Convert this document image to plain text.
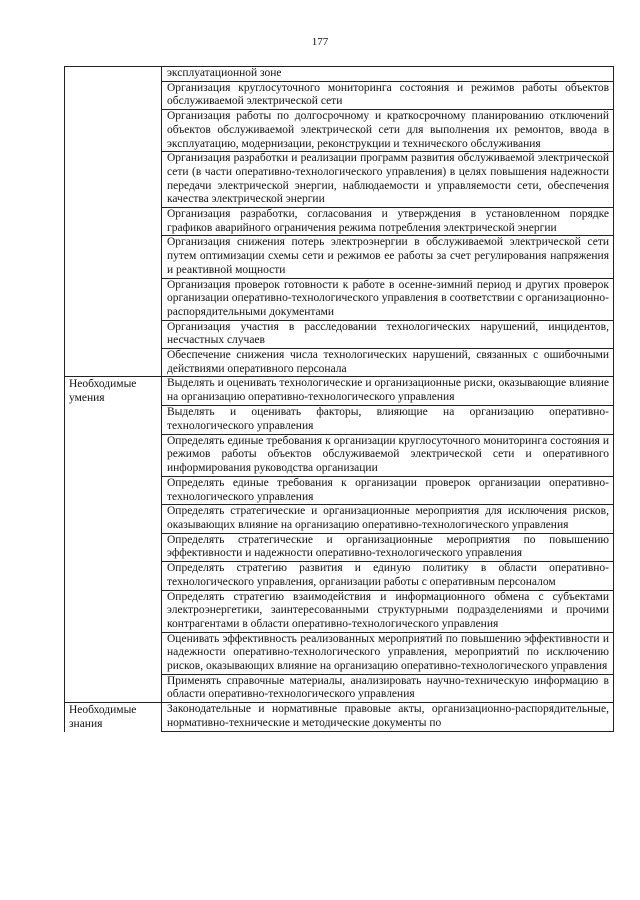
177
	эксплуатационной зоне
	Организация круглосуточного мониторинга состояния и режимов работы объектов обслуживаемой электрической сети
	Организация работы по долгосрочному и краткосрочному планированию отключений объектов обслуживаемой электрической сети для выполнения их ремонтов, ввода в эксплуатацию, модернизации, реконструкции и технического обслуживания
	Организация разработки и реализации программ развития обслуживаемой электрической сети (в части оперативно-технологического управления) в целях повышения надежности передачи электрической энергии, наблюдаемости и управляемости сети, обеспечения качества электрической энергии
	Организация разработки, согласования и утверждения в установленном порядке графиков аварийного ограничения режима потребления электрической энергии
	Организация снижения потерь электроэнергии в обслуживаемой электрической сети путем оптимизации схемы сети и режимов ее работы за счет регулирования напряжения и реактивной мощности
	Организация проверок готовности к работе в осенне-зимний период и других проверок организации оперативно-технологического управления в соответствии с организационно-распорядительными документами
	Организация участия в расследовании технологических нарушений, инцидентов, несчастных случаев
	Обеспечение снижения числа технологических нарушений, связанных с ошибочными действиями оперативного персонала
Необходимые умения	Выделять и оценивать технологические и организационные риски, оказывающие влияние на организацию оперативно-технологического управления
	Выделять и оценивать факторы, влияющие на организацию оперативно-технологического управления
	Определять единые требования к организации круглосуточного мониторинга состояния и режимов работы объектов обслуживаемой электрической сети и оперативного информирования руководства организации
	Определять единые требования к организации проверок организации оперативно-технологического управления
	Определять стратегические и организационные мероприятия для исключения рисков, оказывающих влияние на организацию оперативно-технологического управления
	Определять стратегические и организационные мероприятия по повышению эффективности и надежности оперативно-технологического управления
	Определять стратегию развития и единую политику в области оперативно-технологического управления, организации работы с оперативным персоналом
	Определять стратегию взаимодействия и информационного обмена с субъектами электроэнергетики, заинтересованными структурными подразделениями и прочими контрагентами в области оперативно-технологического управления
	Оценивать эффективность реализованных мероприятий по повышению эффективности и надежности оперативно-технологического управления, мероприятий по исключению рисков, оказывающих влияние на организацию оперативно-технологического управления
	Применять справочные материалы, анализировать научно-техническую информацию в области оперативно-технологического управления
Необходимые знания	Законодательные и нормативные правовые акты, организационно-распорядительные, нормативно-технические и методические документы по
